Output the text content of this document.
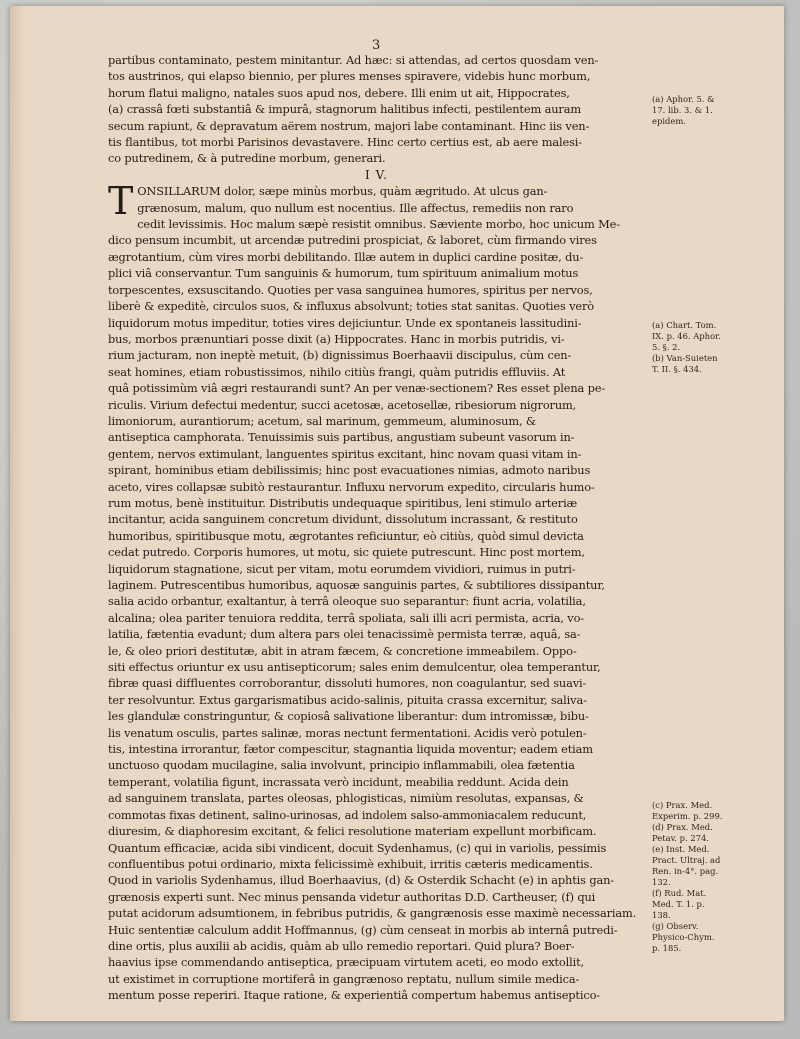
3

partibus contaminato, pestem minitantur. Ad hæc: si attendas, ad certos quosdam ven-

tos austrinos, qui elapso biennio, per plures menses spiravere, videbis hunc morbum,

horum flatui maligno, natales suos apud nos, debere. Illi enim ut ait, Hippocrates,

(a) crassâ fœti substantiâ & impurâ, stagnorum halitibus infecti, pestilentem auram

secum rapiunt, & depravatum aërem nostrum, majori labe contaminant. Hinc iis ven-

tis flantibus, tot morbi Parisinos devastavere. Hinc certo certius est, ab aere malesi-

co putredinem, & à putredine morbum, generari.

I V.

T ONSILLARUM dolor, sæpe minùs morbus, quàm ægritudo. At ulcus gan-

grænosum, malum, quo nullum est nocentius. Ille affectus, remediis non raro

cedit levissimis. Hoc malum sæpè resistit omnibus. Sæviente morbo, hoc unicum Me-

dico pensum incumbit, ut arcendæ putredini prospiciat, & laboret, cùm firmando vires

ægrotantium, cùm vires morbi debilitando. Illæ autem in duplici cardine positæ, du-

plici viâ conservantur. Tum sanguinis & humorum, tum spirituum animalium motus

torpescentes, exsuscitando. Quoties per vasa sanguinea humores, spiritus per nervos,

liberè & expeditè, circulos suos, & influxus absolvunt; toties stat sanitas. Quoties verò

liquidorum motus impeditur, toties vires dejiciuntur. Unde ex spontaneis lassitudini-

bus, morbos prænuntiari posse dixit (a) Hippocrates. Hanc in morbis putridis, vi-

rium jacturam, non ineptè metuit, (b) dignissimus Boerhaavii discipulus, cùm cen-

seat homines, etiam robustissimos, nihilo citiùs frangi, quàm putridis effluviis. At

quâ potissimùm viâ ægri restaurandi sunt? An per venæ-sectionem? Res esset plena pe-

riculis. Virium defectui medentur, succi acetosæ, acetosellæ, ribesiorum nigrorum,

limoniorum, aurantiorum; acetum, sal marinum, gemmeum, aluminosum, &

antiseptica camphorata. Tenuissimis suis partibus, angustiam subeunt vasorum in-

gentem, nervos extimulant, languentes spiritus excitant, hinc novam quasi vitam in-

spirant, hominibus etiam debilissimis; hinc post evacuationes nimias, admoto naribus

aceto, vires collapsæ subitò restaurantur. Influxu nervorum expedito, circularis humo-

rum motus, benè instituitur. Distributis undequaque spiritibus, leni stimulo arteriæ

incitantur, acida sanguinem concretum dividunt, dissolutum incrassant, & restituto

humoribus, spiritibusque motu, ægrotantes reficiuntur, eò citiùs, quòd simul devicta

cedat putredo. Corporis humores, ut motu, sic quiete putrescunt. Hinc post mortem,

liquidorum stagnatione, sicut per vitam, motu eorumdem vividiori, ruimus in putri-

laginem. Putrescentibus humoribus, aquosæ sanguinis partes, & subtiliores dissipantur,

salia acido orbantur, exaltantur, à terrâ oleoque suo separantur: fiunt acria, volatilia,

alcalina; olea pariter tenuiora reddita, terrâ spoliata, sali illi acri permista, acria, vo-

latilia, fætentia evadunt; dum altera pars olei tenacissimè permista terræ, aquâ, sa-

le, & oleo priori destitutæ, abit in atram fæcem, & concretione immeabilem. Oppo-

siti effectus oriuntur ex usu antisepticorum; sales enim demulcentur, olea temperantur,

fibræ quasi diffluentes corroborantur, dissoluti humores, non coagulantur, sed suavi-

ter resolvuntur. Extus gargarismatibus acido-salinis, pituita crassa excernitur, saliva-

les glandulæ constringuntur, & copiosâ salivatione liberantur: dum intromissæ, bibu-

lis venatum osculis, partes salinæ, moras nectunt fermentationi. Acidis verò potulen-

tis, intestina irrorantur, fætor compescitur, stagnantia liquida moventur; eadem etiam

unctuoso quodam mucilagine, salia involvunt, principio inflammabili, olea fætentia

temperant, volatilia figunt, incrassata verò incidunt, meabilia reddunt. Acida dein

ad sanguinem translata, partes oleosas, phlogisticas, nimiùm resolutas, expansas, &

commotas fixas detinent, salino-urinosas, ad indolem salso-ammoniacalem reducunt,

diuresim, & diaphoresim excitant, & felici resolutione materiam expellunt morbificam.

Quantum efficaciæ, acida sibi vindicent, docuit Sydenhamus, (c) qui in variolis, pessimis

confluentibus potui ordinario, mixta felicissimè exhibuit, irritis cæteris medicamentis.

Quod in variolis Sydenhamus, illud Boerhaavius, (d) & Osterdik Schacht (e) in aphtis gan-

grænosis experti sunt. Nec minus pensanda videtur authoritas D.D. Cartheuser, (f) qui

putat acidorum adsumtionem, in febribus putridis, & gangrænosis esse maximè necessariam.

Huic sententiæ calculum addit Hoffmannus, (g) cùm censeat in morbis ab internâ putredi-

dine ortis, plus auxilii ab acidis, quàm ab ullo remedio reportari. Quid plura? Boer-

haavius ipse commendando antiseptica, præcipuam virtutem aceti, eo modo extollit,

ut existimet in corruptione mortiferâ in gangrænoso reptatu, nullum simile medica-

mentum posse reperiri. Itaque ratione, & experientiâ compertum habemus antiseptico-

(a) Aphor. 5. &

17. lib. 3. & 1.

epidem.

(a) Chart. Tom.

IX. p. 46. Aphor.

5. §. 2.

(b) Van-Suieten

T. II. §. 434.

(c) Prax. Med.

Experim. p. 299.

(d) Prax. Med.

Petav. p. 274.

(e) Inst. Med.

Pract. Ultraj. ad

Ren. in-4°. pag.

132.

(f) Rud. Mat.

Med. T. 1. p.

138.

(g) Observ.

Physico-Chym.

p. 185.
